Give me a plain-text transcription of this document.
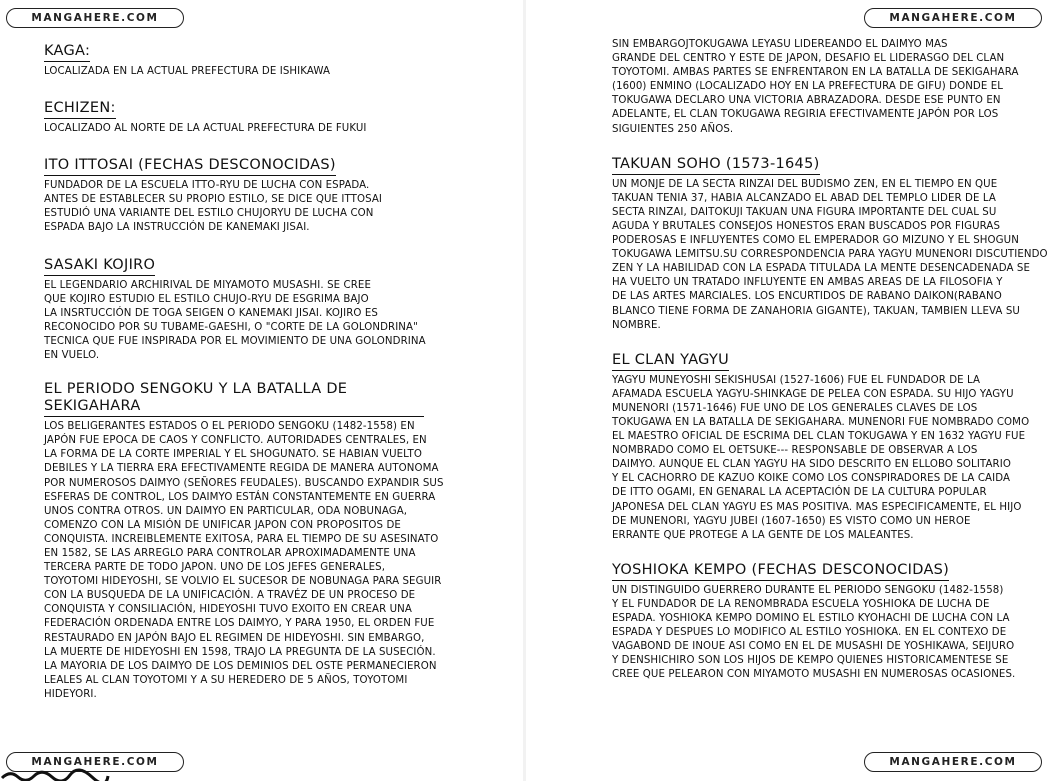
MANGAHERE.COM	MANGAHERE.COM
MANGAHERE.COM	MANGAHERE.COM
KAGA:
LOCALIZADA EN LA ACTUAL PREFECTURA DE ISHIKAWA
ECHIZEN:
LOCALIZADO AL NORTE DE LA ACTUAL PREFECTURA DE FUKUI
ITO ITTOSAI (FECHAS DESCONOCIDAS)
FUNDADOR DE LA ESCUELA ITTO-RYU DE LUCHA CON ESPADA.
ANTES DE ESTABLECER SU PROPIO ESTILO, SE DICE QUE ITTOSAI
ESTUDIÓ UNA VARIANTE DEL ESTILO CHUJORYU DE LUCHA CON
ESPADA BAJO LA INSTRUCCIÓN DE KANEMAKI JISAI.
SASAKI KOJIRO
EL LEGENDARIO ARCHIRIVAL DE MIYAMOTO MUSASHI. SE CREE
QUE KOJIRO ESTUDIO EL ESTILO CHUJO-RYU DE ESGRIMA BAJO
LA INSRTUCCIÓN DE TOGA SEIGEN O KANEMAKI JISAI. KOJIRO ES
RECONOCIDO POR SU TUBAME-GAESHI, O "CORTE DE LA GOLONDRINA"
TECNICA QUE FUE INSPIRADA POR EL MOVIMIENTO DE UNA GOLONDRINA
EN VUELO.
EL PERIODO SENGOKU Y LA BATALLA DE SEKIGAHARA
LOS BELIGERANTES ESTADOS O EL PERIODO SENGOKU (1482-1558) EN
JAPÓN FUE EPOCA DE CAOS Y CONFLICTO. AUTORIDADES CENTRALES, EN
LA FORMA DE LA CORTE IMPERIAL Y EL SHOGUNATO. SE HABIAN VUELTO
DEBILES Y LA TIERRA ERA EFECTIVAMENTE REGIDA DE MANERA AUTONOMA
POR NUMEROSOS DAIMYO (SEÑORES FEUDALES). BUSCANDO EXPANDIR SUS
ESFERAS DE CONTROL, LOS DAIMYO ESTÁN CONSTANTEMENTE EN GUERRA
UNOS CONTRA OTROS. UN DAIMYO EN PARTICULAR, ODA NOBUNAGA,
COMENZO CON LA MISIÓN DE UNIFICAR JAPON CON PROPOSITOS DE
CONQUISTA. INCREIBLEMENTE EXITOSA, PARA EL TIEMPO DE SU ASESINATO
EN 1582, SE LAS ARREGLO PARA CONTROLAR APROXIMADAMENTE UNA
TERCERA PARTE DE TODO JAPON. UNO DE LOS JEFES GENERALES,
TOYOTOMI HIDEYOSHI, SE VOLVIO EL SUCESOR DE NOBUNAGA PARA SEGUIR
CON LA BUSQUEDA DE LA UNIFICACIÓN. A TRAVÉZ DE UN PROCESO DE
CONQUISTA Y CONSILIACIÓN, HIDEYOSHI TUVO EXOITO EN CREAR UNA
FEDERACIÓN ORDENADA ENTRE LOS DAIMYO, Y PARA 1950, EL ORDEN FUE
RESTAURADO EN JAPÓN BAJO EL REGIMEN DE HIDEYOSHI. SIN EMBARGO,
LA MUERTE DE HIDEYOSHI EN 1598, TRAJO LA PREGUNTA DE LA SUSECIÓN.
LA MAYORIA DE LOS DAIMYO DE LOS DEMINIOS DEL OSTE PERMANECIERON
LEALES AL CLAN TOYOTOMI Y A SU HEREDERO DE 5 AÑOS, TOYOTOMI
HIDEYORI.
SIN EMBARGOJTOKUGAWA LEYASU LIDEREANDO EL DAIMYO MAS
GRANDE DEL CENTRO Y ESTE DE JAPON, DESAFIO EL LIDERASGO DEL CLAN
TOYOTOMI. AMBAS PARTES SE ENFRENTARON EN LA BATALLA DE SEKIGAHARA
(1600) ENMINO (LOCALIZADO HOY EN LA PREFECTURA DE GIFU) DONDE EL
TOKUGAWA DECLARO UNA VICTORIA ABRAZADORA. DESDE ESE PUNTO EN
ADELANTE, EL CLAN TOKUGAWA REGIRIA EFECTIVAMENTE JAPÓN POR LOS
SIGUIENTES 250 AÑOS.
TAKUAN SOHO (1573-1645)
UN MONJE DE LA SECTA RINZAI DEL BUDISMO ZEN, EN EL TIEMPO EN QUE
TAKUAN TENIA 37, HABIA ALCANZADO EL ABAD DEL TEMPLO LIDER DE LA
SECTA RINZAI, DAITOKUJI TAKUAN UNA FIGURA IMPORTANTE DEL CUAL SU
AGUDA Y BRUTALES CONSEJOS HONESTOS ERAN BUSCADOS POR FIGURAS
PODEROSAS E INFLUYENTES COMO EL EMPERADOR GO MIZUNO Y EL SHOGUN
TOKUGAWA LEMITSU.SU CORRESPONDENCIA PARA YAGYU MUNENORI DISCUTIENDO
ZEN Y LA HABILIDAD CON LA ESPADA TITULADA LA MENTE DESENCADENADA SE
HA VUELTO UN TRATADO INFLUYENTE EN AMBAS AREAS DE LA FILOSOFIA Y
DE LAS ARTES MARCIALES. LOS ENCURTIDOS DE RABANO DAIKON(RABANO
BLANCO TIENE FORMA DE ZANAHORIA GIGANTE), TAKUAN, TAMBIEN LLEVA SU
NOMBRE.
EL CLAN YAGYU
YAGYU MUNEYOSHI SEKISHUSAI (1527-1606) FUE EL FUNDADOR DE LA
AFAMADA ESCUELA YAGYU-SHINKAGE DE PELEA CON ESPADA. SU HIJO YAGYU
MUNENORI (1571-1646) FUE UNO DE LOS GENERALES CLAVES DE LOS
TOKUGAWA EN LA BATALLA DE SEKIGAHARA. MUNENORI FUE NOMBRADO COMO
EL MAESTRO OFICIAL DE ESCRIMA DEL CLAN TOKUGAWA Y EN 1632 YAGYU FUE
NOMBRADO COMO EL OETSUKE--- RESPONSABLE DE OBSERVAR A LOS
DAIMYO. AUNQUE EL CLAN YAGYU HA SIDO DESCRITO EN ELLOBO SOLITARIO
Y EL CACHORRO DE KAZUO KOIKE COMO LOS CONSPIRADORES DE LA CAIDA
DE ITTO OGAMI, EN GENARAL LA ACEPTACIÓN DE LA CULTURA POPULAR
JAPONESA DEL CLAN YAGYU ES MAS POSITIVA. MAS ESPECIFICAMENTE, EL HIJO
DE MUNENORI, YAGYU JUBEI (1607-1650) ES VISTO COMO UN HEROE
ERRANTE QUE PROTEGE A LA GENTE DE LOS MALEANTES.
YOSHIOKA KEMPO (FECHAS DESCONOCIDAS)
UN DISTINGUIDO GUERRERO DURANTE EL PERIODO SENGOKU (1482-1558)
Y EL FUNDADOR DE LA RENOMBRADA ESCUELA YOSHIOKA DE LUCHA DE
ESPADA. YOSHIOKA KEMPO DOMINO EL ESTILO KYOHACHI DE LUCHA CON LA
ESPADA Y DESPUES LO MODIFICO AL ESTILO YOSHIOKA. EN EL CONTEXO DE
VAGABOND DE INOUE ASI COMO EN EL DE MUSASHI DE YOSHIKAWA, SEIJURO
Y DENSHICHIRO SON LOS HIJOS DE KEMPO QUIENES HISTORICAMENTESE SE
CREE QUE PELEARON CON MIYAMOTO MUSASHI EN NUMEROSAS OCASIONES.
